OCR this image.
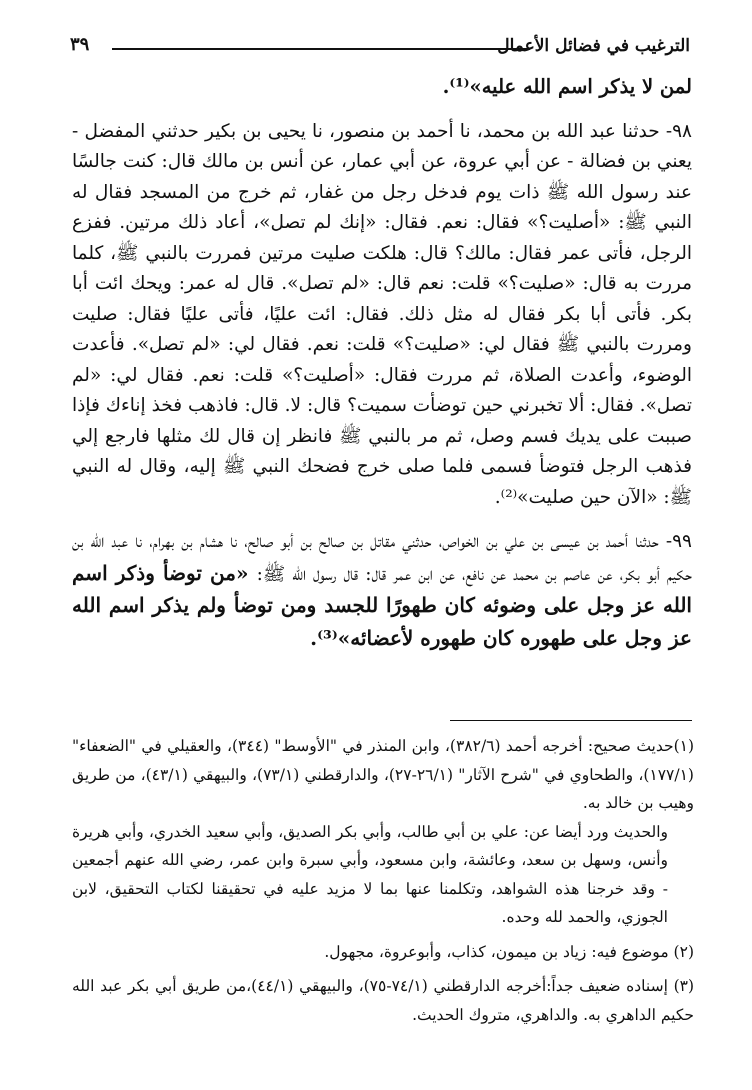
٣٩	الترغيب في فضائل الأعمال

لمن لا يذكر اسم الله عليه»⁽¹⁾.

٩٨- حدثنا عبد الله بن محمد، نا أحمد بن منصور، نا يحيى بن بكير حدثني المفضل - يعني بن فضالة - عن أبي عروة، عن أبي عمار، عن أنس بن مالك قال: كنت جالسًا عند رسول الله ﷺ ذات يوم فدخل رجل من غفار، ثم خرج من المسجد فقال له النبي ﷺ: «أصليت؟» فقال: نعم. فقال: «إنك لم تصل»، أعاد ذلك مرتين. ففزع الرجل، فأتى عمر فقال: مالك؟ قال: هلكت صليت مرتين فمررت بالنبي ﷺ، كلما مررت به قال: «صليت؟» قلت: نعم قال: «لم تصل». قال له عمر: ويحك ائت أبا بكر. فأتى أبا بكر فقال له مثل ذلك. فقال: ائت عليًا، فأتى عليًا فقال: صليت ومررت بالنبي ﷺ فقال لي: «صليت؟» قلت: نعم. فقال لي: «لم تصل». فأعدت الوضوء، وأعدت الصلاة، ثم مررت فقال: «أصليت؟» قلت: نعم. فقال لي: «لم تصل». فقال: ألا تخبرني حين توضأت سميت؟ قال: لا. قال: فاذهب فخذ إناءك فإذا صببت على يديك فسم وصل، ثم مر بالنبي ﷺ فانظر إن قال لك مثلها فارجع إلي فذهب الرجل فتوضأ فسمى فلما صلى خرج فضحك النبي ﷺ إليه، وقال له النبي ﷺ: «الآن حين صليت»⁽²⁾.

٩٩- حدثنا أحمد بن عيسى بن علي بن الخواص، حدثني مقاتل بن صالح بن أبو صالح، نا هشام بن بهرام، نا عبد الله بن حكيم أبو بكر، عن عاصم بن محمد عن نافع، عن ابن عمر قال: قال رسول الله ﷺ: «من توضأ وذكر اسم الله عز وجل على وضوئه كان طهورًا للجسد ومن توضأ ولم يذكر اسم الله عز وجل على طهوره كان طهوره لأعضائه»⁽³⁾.

(١)حديث صحيح: أخرجه أحمد (٣٨٢/٦)، وابن المنذر في "الأوسط" (٣٤٤)، والعقيلي في "الضعفاء" (١٧٧/١)، والطحاوي في "شرح الآثار" (٢٦/١-٢٧)، والدارقطني (٧٣/١)، والبيهقي (٤٣/١)، من طريق وهيب بن خالد به.

والحديث ورد أيضا عن: علي بن أبي طالب، وأبي بكر الصديق، وأبي سعيد الخدري، وأبي هريرة وأنس، وسهل بن سعد، وعائشة، وابن مسعود، وأبي سبرة وابن عمر، رضي الله عنهم أجمعين - وقد خرجنا هذه الشواهد، وتكلمنا عنها بما لا مزيد عليه في تحقيقنا لكتاب التحقيق، لابن الجوزي، والحمد لله وحده.

(٢) موضوع فيه: زياد بن ميمون، كذاب، وأبوعروة، مجهول.

(٣) إسناده ضعيف جداً:أخرجه الدارقطني (٧٤/١-٧٥)، والبيهقي (٤٤/١)،من طريق أبي بكر عبد الله حكيم الداهري به. والداهري، متروك الحديث.
